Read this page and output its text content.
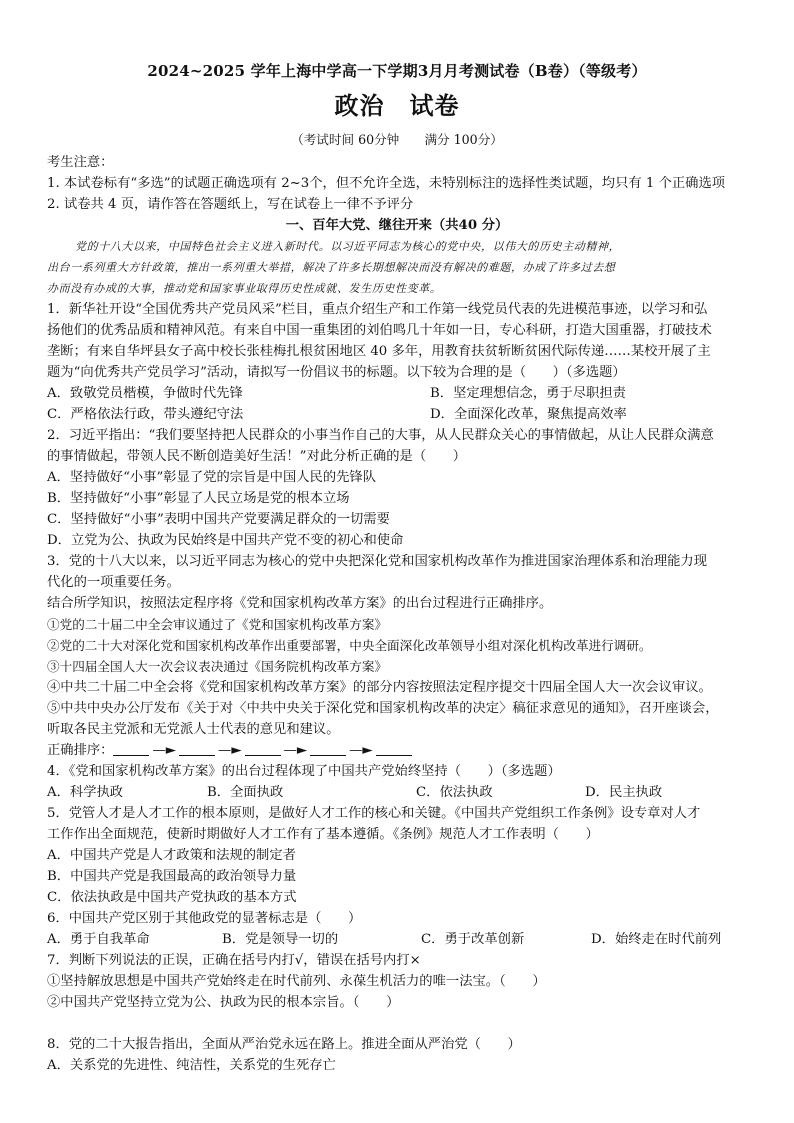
2024~2025 学年上海中学高一下学期3月月考测试卷（B卷）（等级考）
政治　试卷
（考试时间 60分钟　　满分 100分）
考生注意：
1. 本试卷标有“多选”的试题正确选项有 2~3个，但不允许全选，未特别标注的选择性类试题，均只有 1 个正确选项
2. 试卷共 4 页，请作答在答题纸上，写在试卷上一律不予评分
一、百年大党、继往开来（共40 分）
党的十八大以来，中国特色社会主义进入新时代。以习近平同志为核心的党中央，以伟大的历史主动精神，
出台一系列重大方针政策，推出一系列重大举措，解决了许多长期想解决而没有解决的难题，办成了许多过去想
办而没有办成的大事，推动党和国家事业取得历史性成就、发生历史性变革。
1．新华社开设“全国优秀共产党员风采”栏目，重点介绍生产和工作第一线党员代表的先进模范事迹，以学习和弘
扬他们的优秀品质和精神风范。有来自中国一重集团的刘伯鸣几十年如一日，专心科研，打造大国重器，打破技术
垄断；有来自华坪县女子高中校长张桂梅扎根贫困地区 40 多年，用教育扶贫斩断贫困代际传递……某校开展了主
题为“向优秀共产党员学习”活动，请拟写一份倡议书的标题。以下较为合理的是（　　）（多选题）
A．致敬党员楷模，争做时代先锋	B．坚定理想信念，勇于尽职担责
C．严格依法行政，带头遵纪守法	D．全面深化改革，聚焦提高效率
2．习近平指出：“我们要坚持把人民群众的小事当作自己的大事，从人民群众关心的事情做起，从让人民群众满意
的事情做起，带领人民不断创造美好生活！”对此分析正确的是（　　）
A．坚持做好“小事”彰显了党的宗旨是中国人民的先锋队
B．坚持做好“小事”彰显了人民立场是党的根本立场
C．坚持做好“小事”表明中国共产党要满足群众的一切需要
D．立党为公、执政为民始终是中国共产党不变的初心和使命
3．党的十八大以来，以习近平同志为核心的党中央把深化党和国家机构改革作为推进国家治理体系和治理能力现
代化的一项重要任务。
结合所学知识，按照法定程序将《党和国家机构改革方案》的出台过程进行正确排序。
①党的二十届二中全会审议通过了《党和国家机构改革方案》
②党的二十大对深化党和国家机构改革作出重要部署，中央全面深化改革领导小组对深化机构改革进行调研。
③十四届全国人大一次会议表决通过《国务院机构改革方案》
④中共二十届二中全会将《党和国家机构改革方案》的部分内容按照法定程序提交十四届全国人大一次会议审议。
⑤中共中央办公厅发布《关于对〈中共中央关于深化党和国家机构改革的决定〉稿征求意见的通知》，召开座谈会，
听取各民主党派和无党派人士代表的意见和建议。
正确排序：	—►	—►	—►	—►
4．《党和国家机构改革方案》的出台过程体现了中国共产党始终坚持（　　）（多选题）
A．科学执政	B．全面执政	C．依法执政	D．民主执政
5．党管人才是人才工作的根本原则，是做好人才工作的核心和关键。《中国共产党组织工作条例》设专章对人才
工作作出全面规范，使新时期做好人才工作有了基本遵循。《条例》规范人才工作表明（　　）
A．中国共产党是人才政策和法规的制定者
B．中国共产党是我国最高的政治领导力量
C．依法执政是中国共产党执政的基本方式
6．中国共产党区别于其他政党的显著标志是（　　）
A．勇于自我革命	B．党是领导一切的	C．勇于改革创新	D．始终走在时代前列
7．判断下列说法的正误，正确在括号内打√，错误在括号内打×
①坚持解放思想是中国共产党始终走在时代前列、永葆生机活力的唯一法宝。（　　）
②中国共产党坚持立党为公、执政为民的根本宗旨。（　　）
8．党的二十大报告指出，全面从严治党永远在路上。推进全面从严治党（　　）
A．关系党的先进性、纯洁性，关系党的生死存亡
